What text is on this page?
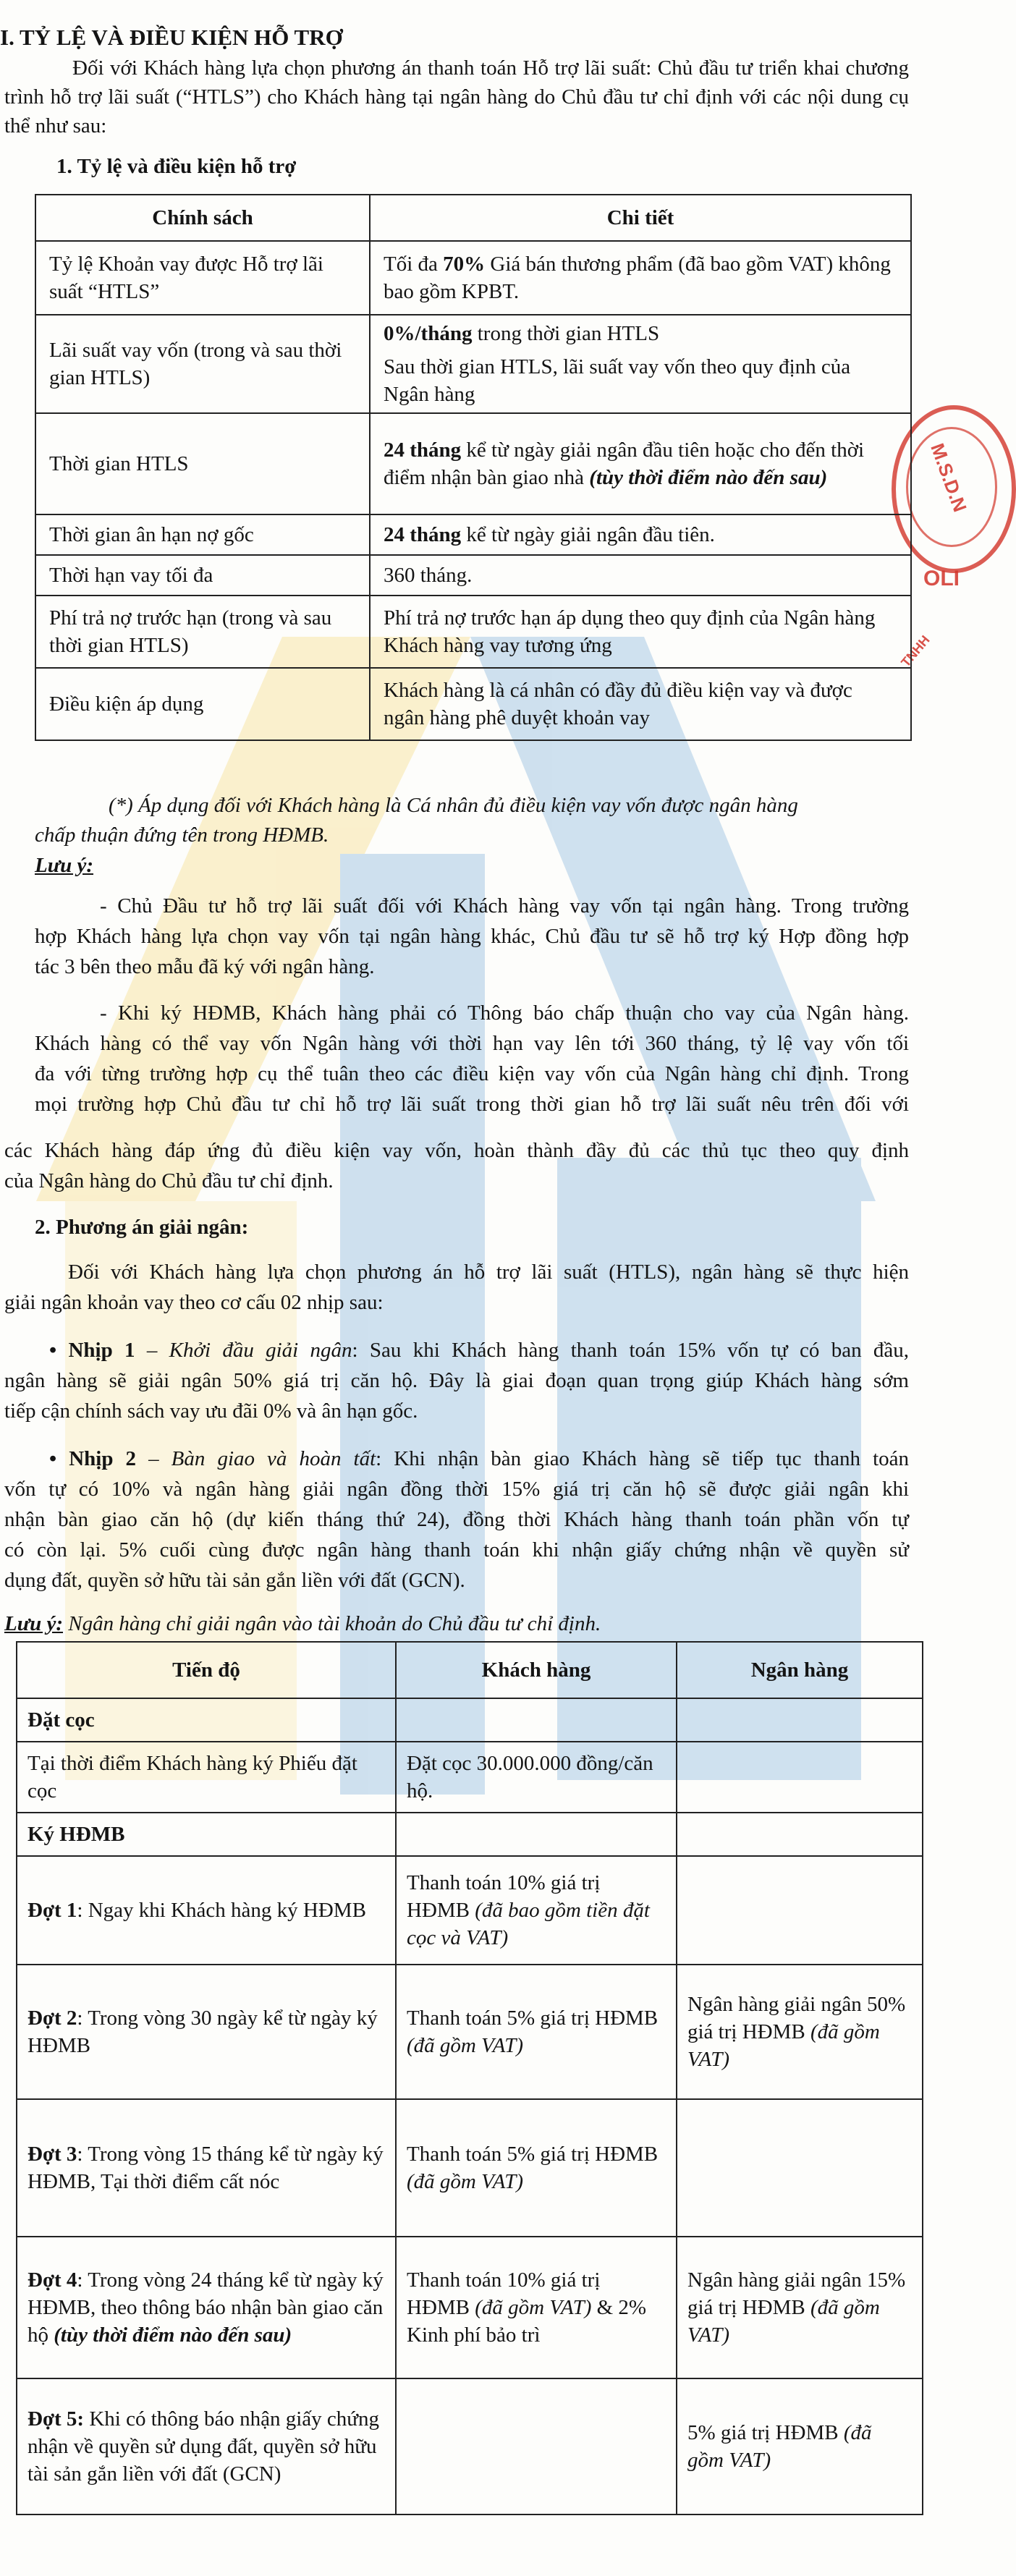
M.S.D.N
OLI
TNHH
I. TỶ LỆ VÀ ĐIỀU KIỆN HỖ TRỢ
Đối với Khách hàng lựa chọn phương án thanh toán Hỗ trợ lãi suất: Chủ đầu tư triển khai chương trình hỗ trợ lãi suất (“HTLS”) cho Khách hàng tại ngân hàng do Chủ đầu tư chỉ định với các nội dung cụ thể như sau:
1. Tỷ lệ và điều kiện hỗ trợ
Chính sách	Chi tiết
Tỷ lệ Khoản vay được Hỗ trợ lãi suất “HTLS”	Tối đa 70% Giá bán thương phẩm (đã bao gồm VAT) không bao gồm KPBT.
Lãi suất vay vốn (trong và sau thời gian HTLS)	0%/tháng trong thời gian HTLS
Sau thời gian HTLS, lãi suất vay vốn theo quy định của Ngân hàng

Thời gian HTLS	24 tháng kể từ ngày giải ngân đầu tiên hoặc cho đến thời điểm nhận bàn giao nhà (tùy thời điểm nào đến sau)
Thời gian ân hạn nợ gốc	24 tháng kể từ ngày giải ngân đầu tiên.
Thời hạn vay tối đa	360 tháng.
Phí trả nợ trước hạn (trong và sau thời gian HTLS)	Phí trả nợ trước hạn áp dụng theo quy định của Ngân hàng Khách hàng vay tương ứng
Điều kiện áp dụng	Khách hàng là cá nhân có đầy đủ điều kiện vay và được ngân hàng phê duyệt khoản vay
(*) Áp dụng đối với Khách hàng là Cá nhân đủ điều kiện vay vốn được ngân hàng
chấp thuận đứng tên trong HĐMB.
Lưu ý:
- Chủ Đầu tư hỗ trợ lãi suất đối với Khách hàng vay vốn tại ngân hàng. Trong trường
hợp Khách hàng lựa chọn vay vốn tại ngân hàng khác, Chủ đầu tư sẽ hỗ trợ ký Hợp đồng hợp
tác 3 bên theo mẫu đã ký với ngân hàng.
- Khi ký HĐMB, Khách hàng phải có Thông báo chấp thuận cho vay của Ngân hàng.
Khách hàng có thể vay vốn Ngân hàng với thời hạn vay lên tới 360 tháng, tỷ lệ vay vốn tối
đa với từng trường hợp cụ thể tuân theo các điều kiện vay vốn của Ngân hàng chỉ định. Trong
mọi trường hợp Chủ đầu tư chỉ hỗ trợ lãi suất trong thời gian hỗ trợ lãi suất nêu trên đối với
các Khách hàng đáp ứng đủ điều kiện vay vốn, hoàn thành đầy đủ các thủ tục theo quy định
của Ngân hàng do Chủ đầu tư chỉ định.
2. Phương án giải ngân:
Đối với Khách hàng lựa chọn phương án hỗ trợ lãi suất (HTLS), ngân hàng sẽ thực hiện
giải ngân khoản vay theo cơ cấu 02 nhịp sau:
• Nhịp 1 – Khởi đầu giải ngân: Sau khi Khách hàng thanh toán 15% vốn tự có ban đầu,
ngân hàng sẽ giải ngân 50% giá trị căn hộ. Đây là giai đoạn quan trọng giúp Khách hàng sớm
tiếp cận chính sách vay ưu đãi 0% và ân hạn gốc.
• Nhịp 2 – Bàn giao và hoàn tất: Khi nhận bàn giao Khách hàng sẽ tiếp tục thanh toán
vốn tự có 10% và ngân hàng giải ngân đồng thời 15% giá trị căn hộ sẽ được giải ngân khi
nhận bàn giao căn hộ (dự kiến tháng thứ 24), đồng thời Khách hàng thanh toán phần vốn tự
có còn lại. 5% cuối cùng được ngân hàng thanh toán khi nhận giấy chứng nhận về quyền sử
dụng đất, quyền sở hữu tài sản gắn liền với đất (GCN).
Lưu ý: Ngân hàng chỉ giải ngân vào tài khoản do Chủ đầu tư chỉ định.
Tiến độ	Khách hàng	Ngân hàng
Đặt cọc		
Tại thời điểm Khách hàng ký Phiếu đặt cọc	Đặt cọc 30.000.000 đồng/căn hộ.	
Ký HĐMB		
Đợt 1: Ngay khi Khách hàng ký HĐMB	Thanh toán 10% giá trị HĐMB (đã bao gồm tiền đặt cọc và VAT)	
Đợt 2: Trong vòng 30 ngày kể từ ngày ký HĐMB	Thanh toán 5% giá trị HĐMB (đã gồm VAT)	Ngân hàng giải ngân 50% giá trị HĐMB (đã gồm VAT)
Đợt 3: Trong vòng 15 tháng kể từ ngày ký HĐMB, Tại thời điểm cất nóc	Thanh toán 5% giá trị HĐMB (đã gồm VAT)	
Đợt 4: Trong vòng 24 tháng kể từ ngày ký HĐMB, theo thông báo nhận bàn giao căn hộ (tùy thời điểm nào đến sau)	Thanh toán 10% giá trị HĐMB (đã gồm VAT) & 2% Kinh phí bảo trì	Ngân hàng giải ngân 15% giá trị HĐMB (đã gồm VAT)
Đợt 5: Khi có thông báo nhận giấy chứng nhận về quyền sử dụng đất, quyền sở hữu tài sản gắn liền với đất (GCN)		5% giá trị HĐMB (đã gồm VAT)
